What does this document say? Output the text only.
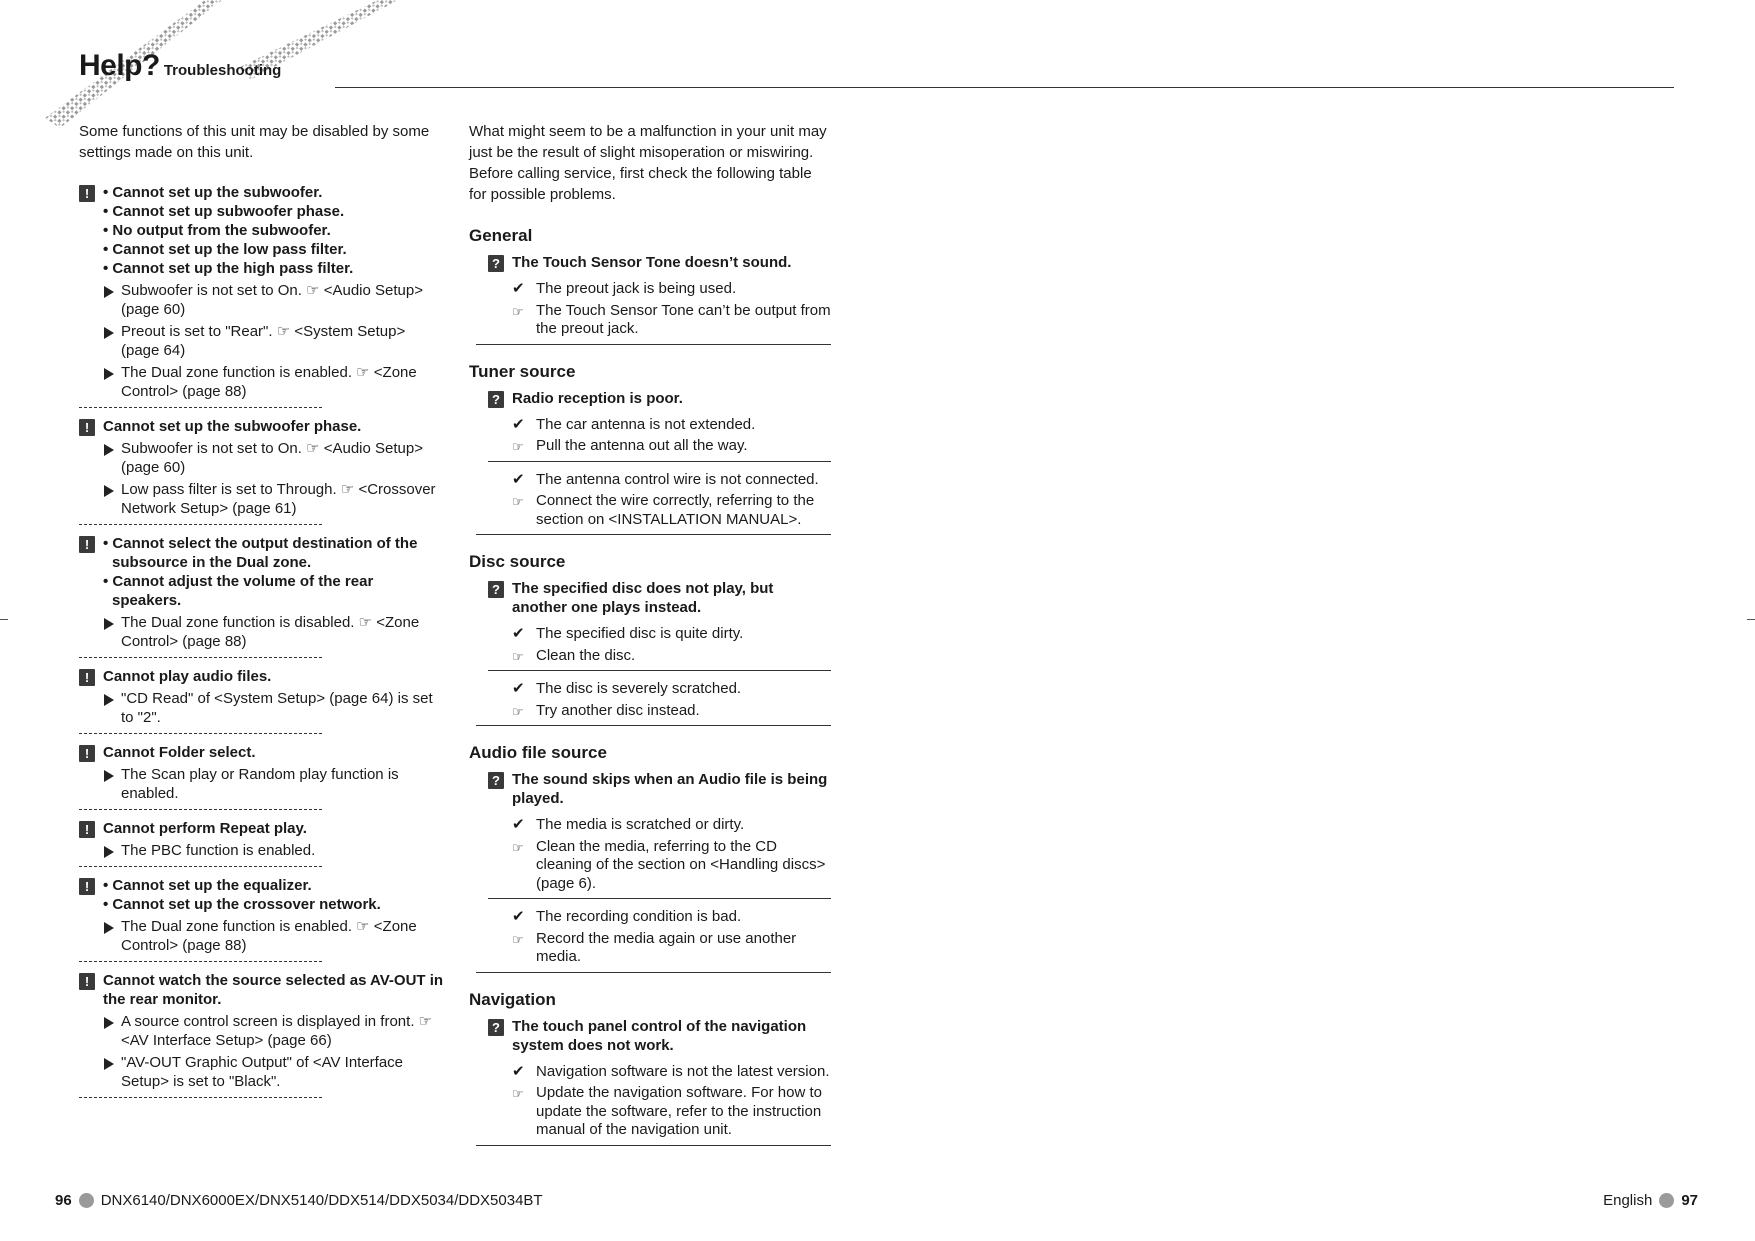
Help? Troubleshooting

Some functions of this unit may be disabled by some settings made on this unit.

! • Cannot set up the subwoofer.
• Cannot set up subwoofer phase.
• No output from the subwoofer.
• Cannot set up the low pass filter.
• Cannot set up the high pass filter.
Subwoofer is not set to On. ☞ <Audio Setup> (page 60)
Preout is set to "Rear". ☞ <System Setup> (page 64)
The Dual zone function is enabled. ☞ <Zone Control> (page 88)
! Cannot set up the subwoofer phase.
Subwoofer is not set to On. ☞ <Audio Setup> (page 60)
Low pass filter is set to Through. ☞ <Crossover Network Setup> (page 61)
! • Cannot select the output destination of the subsource in the Dual zone.
• Cannot adjust the volume of the rear speakers.
The Dual zone function is disabled. ☞ <Zone Control> (page 88)
! Cannot play audio files.
"CD Read" of <System Setup> (page 64) is set to "2".
! Cannot Folder select.
The Scan play or Random play function is enabled.
! Cannot perform Repeat play.
The PBC function is enabled.
! • Cannot set up the equalizer.
• Cannot set up the crossover network.
The Dual zone function is enabled. ☞ <Zone Control> (page 88)
! Cannot watch the source selected as AV-OUT in the rear monitor.
A source control screen is displayed in front. ☞ <AV Interface Setup> (page 66)
"AV-OUT Graphic Output" of <AV Interface Setup> is set to "Black".

What might seem to be a malfunction in your unit may just be the result of slight misoperation or miswiring. Before calling service, first check the following table for possible problems.

General
? The Touch Sensor Tone doesn’t sound.
✔ The preout jack is being used.
☞ The Touch Sensor Tone can’t be output from the preout jack.
Tuner source
? Radio reception is poor.
✔ The car antenna is not extended.
☞ Pull the antenna out all the way.
✔ The antenna control wire is not connected.
☞ Connect the wire correctly, referring to the section on <INSTALLATION MANUAL>.
Disc source
? The specified disc does not play, but another one plays instead.
✔ The specified disc is quite dirty.
☞ Clean the disc.
✔ The disc is severely scratched.
☞ Try another disc instead.
Audio file source
? The sound skips when an Audio file is being played.
✔ The media is scratched or dirty.
☞ Clean the media, referring to the CD cleaning of the section on <Handling discs> (page 6).
✔ The recording condition is bad.
☞ Record the media again or use another media.
Navigation
? The touch panel control of the navigation system does not work.
✔ Navigation software is not the latest version.
☞ Update the navigation software. For how to update the software, refer to the instruction manual of the navigation unit.
96 DNX6140/DNX6000EX/DNX5140/DDX514/DDX5034/DDX5034BT	English 97
